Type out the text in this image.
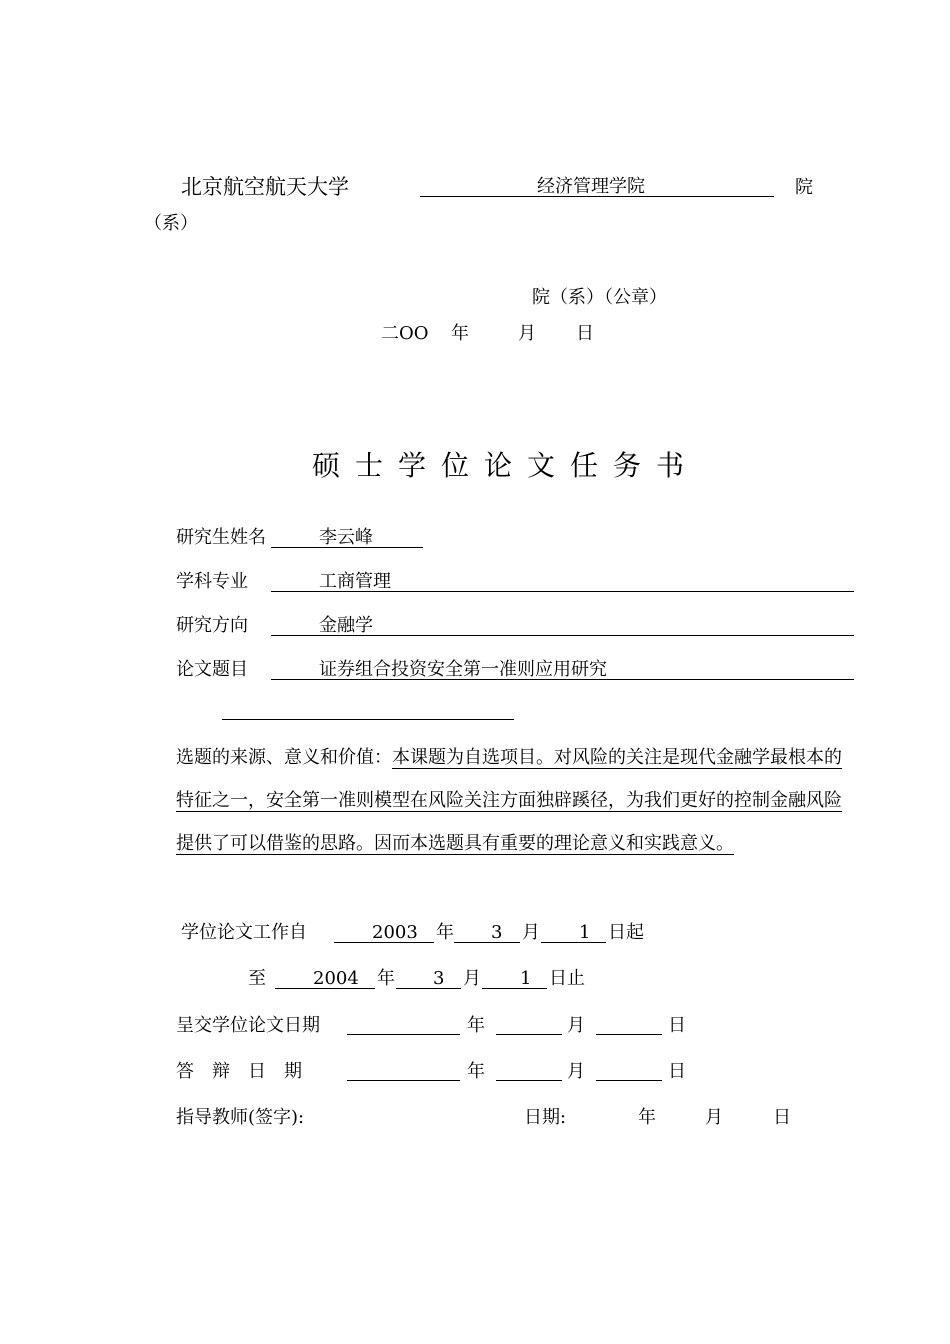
北京航空航天大学	经济管理学院	院
（系）
院（系）（公章）
二OO 年	月 日
硕士学位论文任务书
研究生姓名	李云峰
学科专业	工商管理
研究方向	金融学
论文题目	证券组合投资安全第一准则应用研究
选题的来源、意义和价值：本课题为自选项目。对风险的关注是现代金融学最根本的特征之一，安全第一准则模型在风险关注方面独辟蹊径，为我们更好的控制金融风险提供了可以借鉴的思路。因而本选题具有重要的理论意义和实践意义。
学位论文工作自	2003 年 3 月 1 日起
至	2004 年 3 月 1 日止
呈交学位论文日期	年	月	日
答　辩　日　期	年	月	日
指导教师(签字):	日期:	年	月	日
